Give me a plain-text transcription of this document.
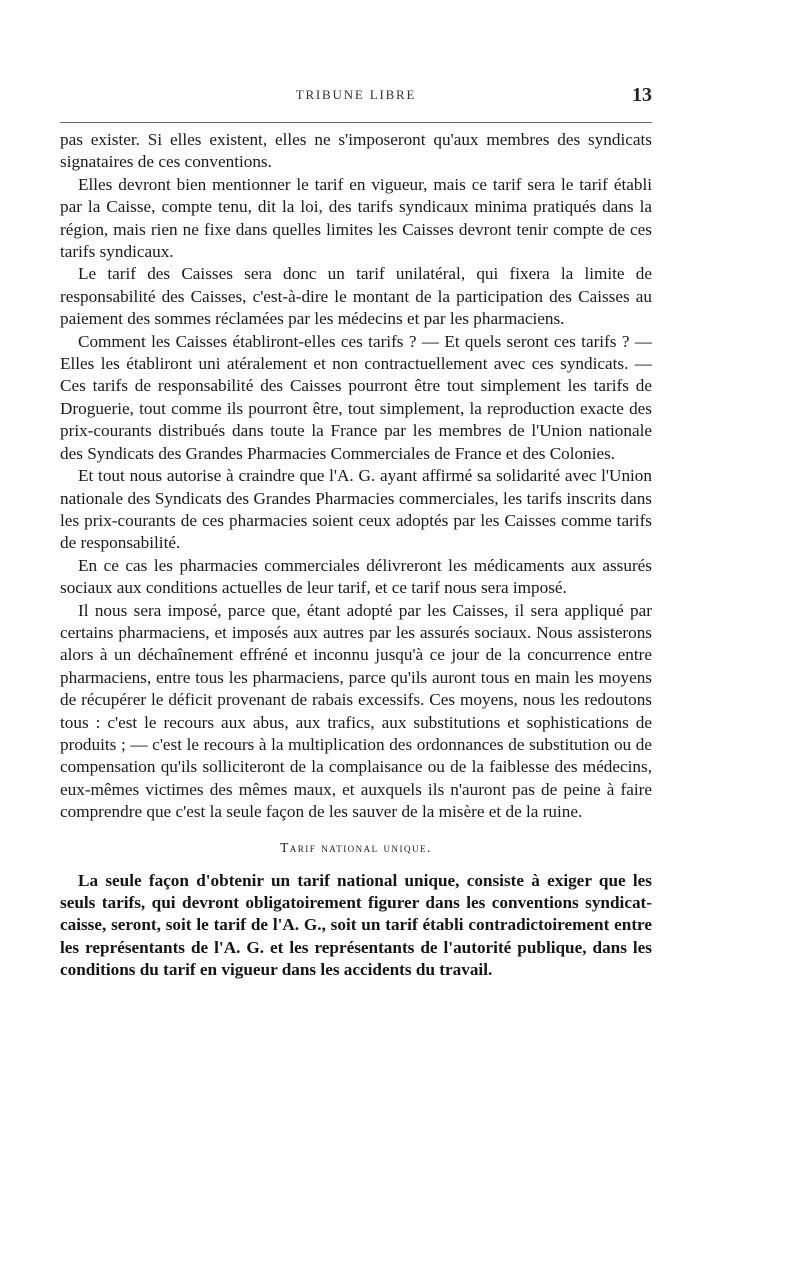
TRIBUNE LIBRE	13

pas exister. Si elles existent, elles ne s'imposeront qu'aux membres des syndicats signataires de ces conventions.

Elles devront bien mentionner le tarif en vigueur, mais ce tarif sera le tarif établi par la Caisse, compte tenu, dit la loi, des tarifs syndicaux minima pratiqués dans la région, mais rien ne fixe dans quelles limites les Caisses devront tenir compte de ces tarifs syndicaux.

Le tarif des Caisses sera donc un tarif unilatéral, qui fixera la limite de responsabilité des Caisses, c'est-à-dire le montant de la participation des Caisses au paiement des sommes réclamées par les médecins et par les pharmaciens.

Comment les Caisses établiront-elles ces tarifs ? — Et quels seront ces tarifs ? — Elles les établiront uni atéralement et non contractuellement avec ces syndicats. — Ces tarifs de responsabilité des Caisses pourront être tout simplement les tarifs de Droguerie, tout comme ils pourront être, tout simplement, la reproduction exacte des prix-courants distribués dans toute la France par les membres de l'Union nationale des Syndicats des Grandes Pharmacies Commerciales de France et des Colonies.

Et tout nous autorise à craindre que l'A. G. ayant affirmé sa solidarité avec l'Union nationale des Syndicats des Grandes Pharmacies commerciales, les tarifs inscrits dans les prix-courants de ces pharmacies soient ceux adoptés par les Caisses comme tarifs de responsabilité.

En ce cas les pharmacies commerciales délivreront les médicaments aux assurés sociaux aux conditions actuelles de leur tarif, et ce tarif nous sera imposé.

Il nous sera imposé, parce que, étant adopté par les Caisses, il sera appliqué par certains pharmaciens, et imposés aux autres par les assurés sociaux. Nous assisterons alors à un déchaînement effréné et inconnu jusqu'à ce jour de la concurrence entre pharmaciens, entre tous les pharmaciens, parce qu'ils auront tous en main les moyens de récupérer le déficit provenant de rabais excessifs. Ces moyens, nous les redoutons tous : c'est le recours aux abus, aux trafics, aux substitutions et sophistications de produits ; — c'est le recours à la multiplication des ordonnances de substitution ou de compensation qu'ils solliciteront de la complaisance ou de la faiblesse des médecins, eux-mêmes victimes des mêmes maux, et auxquels ils n'auront pas de peine à faire comprendre que c'est la seule façon de les sauver de la misère et de la ruine.

Tarif national unique.

La seule façon d'obtenir un tarif national unique, consiste à exiger que les seuls tarifs, qui devront obligatoirement figurer dans les conventions syndicat-caisse, seront, soit le tarif de l'A. G., soit un tarif établi contradictoirement entre les représentants de l'A. G. et les représentants de l'autorité publique, dans les conditions du tarif en vigueur dans les accidents du travail.
